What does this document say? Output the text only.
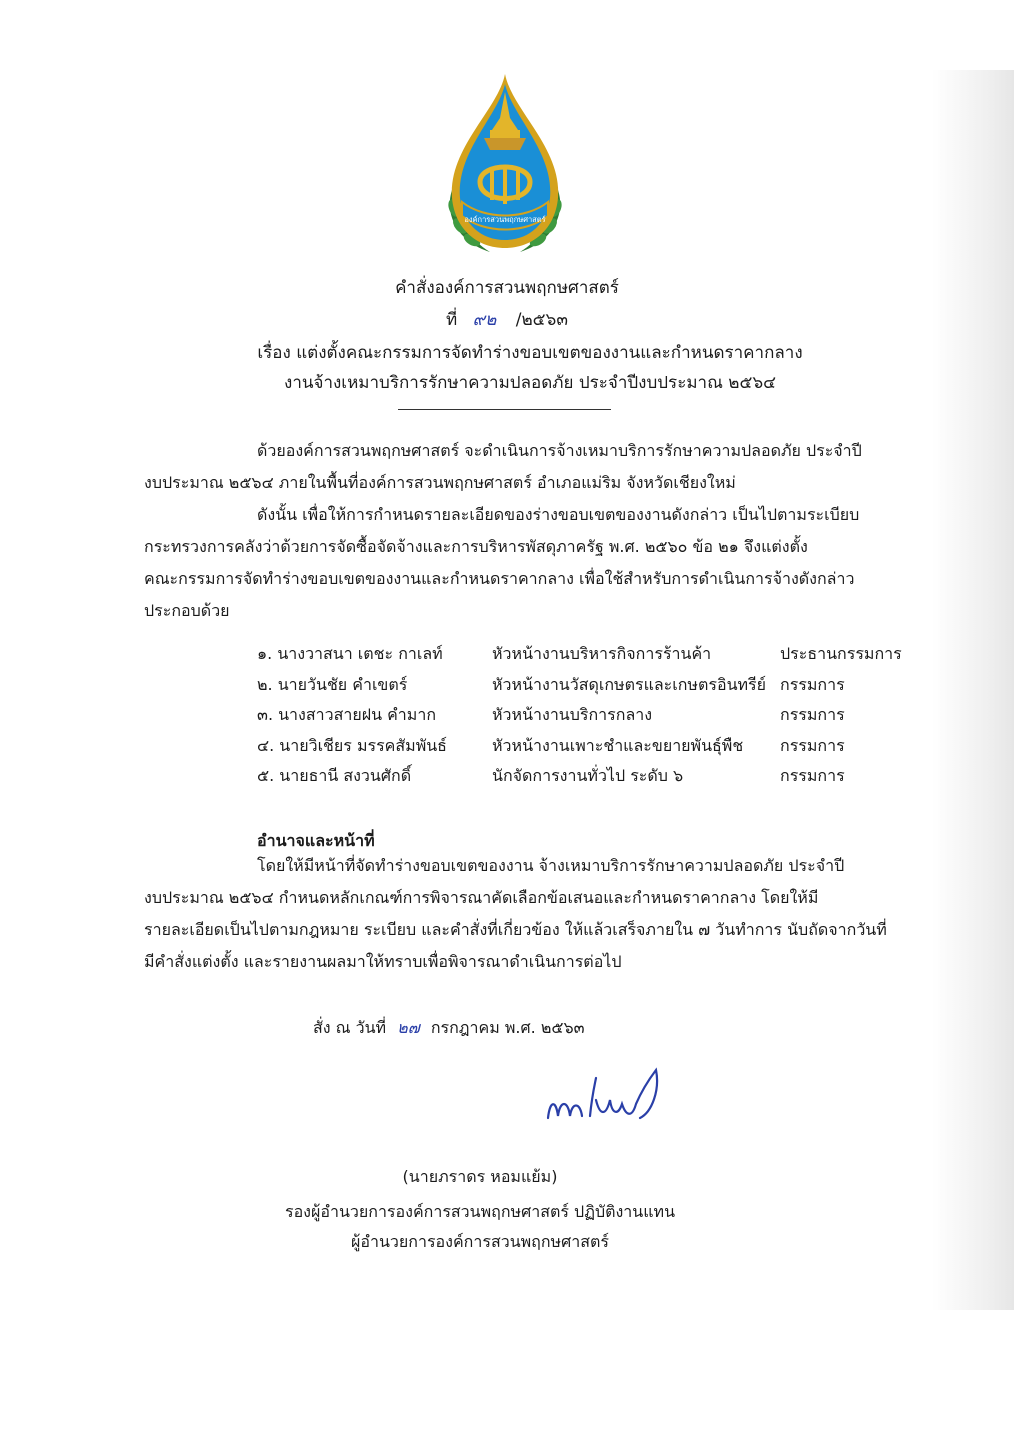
องค์การสวนพฤกษศาสตร์
คำสั่งองค์การสวนพฤกษศาสตร์
ที่ ๙๒ /๒๕๖๓
เรื่อง แต่งตั้งคณะกรรมการจัดทำร่างขอบเขตของงานและกำหนดราคากลาง
งานจ้างเหมาบริการรักษาความปลอดภัย ประจำปีงบประมาณ ๒๕๖๔
ด้วยองค์การสวนพฤกษศาสตร์ จะดำเนินการจ้างเหมาบริการรักษาความปลอดภัย ประจำปี
งบประมาณ ๒๕๖๔ ภายในพื้นที่องค์การสวนพฤกษศาสตร์ อำเภอแม่ริม จังหวัดเชียงใหม่
ดังนั้น เพื่อให้การกำหนดรายละเอียดของร่างขอบเขตของงานดังกล่าว เป็นไปตามระเบียบ
กระทรวงการคลังว่าด้วยการจัดซื้อจัดจ้างและการบริหารพัสดุภาครัฐ พ.ศ. ๒๕๖๐ ข้อ ๒๑ จึงแต่งตั้ง
คณะกรรมการจัดทำร่างขอบเขตของงานและกำหนดราคากลาง เพื่อใช้สำหรับการดำเนินการจ้างดังกล่าว
ประกอบด้วย
๑. นางวาสนา เตชะ กาเลท์	หัวหน้างานบริหารกิจการร้านค้า	ประธานกรรมการ
๒. นายวันชัย คำเขตร์	หัวหน้างานวัสดุเกษตรและเกษตรอินทรีย์ กรรมการ
๓. นางสาวสายฝน คำมาก	หัวหน้างานบริการกลาง	กรรมการ
๔. นายวิเชียร มรรคสัมพันธ์	หัวหน้างานเพาะชำและขยายพันธุ์พืช กรรมการ
๕. นายธานี สงวนศักดิ์	นักจัดการงานทั่วไป ระดับ ๖	กรรมการ
อำนาจและหน้าที่
โดยให้มีหน้าที่จัดทำร่างขอบเขตของงาน จ้างเหมาบริการรักษาความปลอดภัย ประจำปี
งบประมาณ ๒๕๖๔ กำหนดหลักเกณฑ์การพิจารณาคัดเลือกข้อเสนอและกำหนดราคากลาง โดยให้มี
รายละเอียดเป็นไปตามกฎหมาย ระเบียบ และคำสั่งที่เกี่ยวข้อง ให้แล้วเสร็จภายใน ๗ วันทำการ นับถัดจากวันที่
มีคำสั่งแต่งตั้ง และรายงานผลมาให้ทราบเพื่อพิจารณาดำเนินการต่อไป
สั่ง ณ วันที่ ๒๗ กรกฎาคม พ.ศ. ๒๕๖๓
(นายภราดร หอมแย้ม)
รองผู้อำนวยการองค์การสวนพฤกษศาสตร์ ปฏิบัติงานแทน
ผู้อำนวยการองค์การสวนพฤกษศาสตร์
